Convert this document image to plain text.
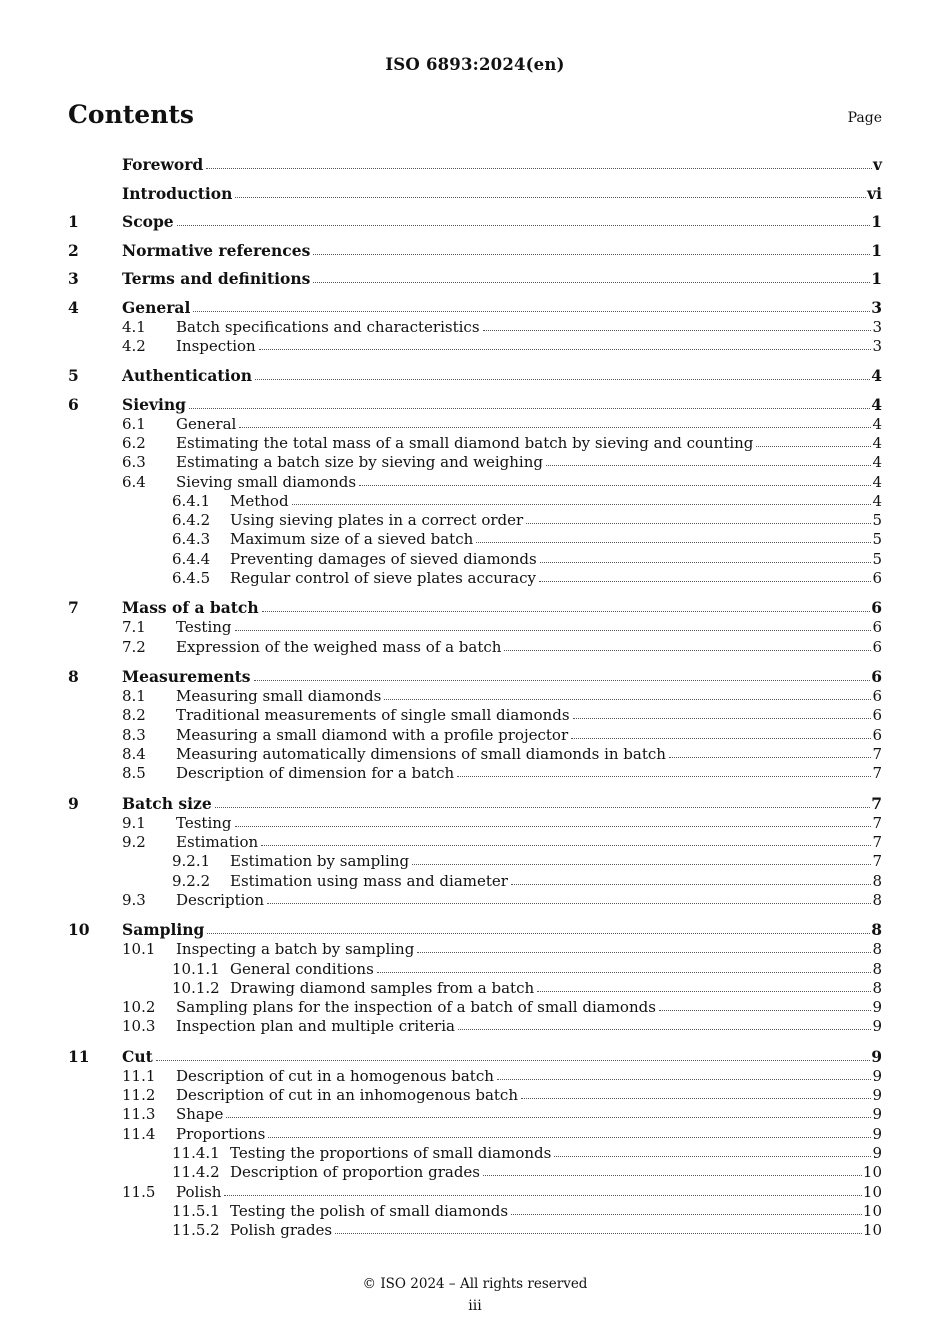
ISO 6893:2024(en)
Contents	Page
Foreword	v
Introduction	vi
1	Scope	1
2	Normative references	1
3	Terms and definitions	1
4	General	3
4.1	Batch specifications and characteristics	3
4.2	Inspection	3
5	Authentication	4
6	Sieving	4
6.1	General	4
6.2	Estimating the total mass of a small diamond batch by sieving and counting	4
6.3	Estimating a batch size by sieving and weighing	4
6.4	Sieving small diamonds	4
6.4.1	Method	4
6.4.2	Using sieving plates in a correct order	5
6.4.3	Maximum size of a sieved batch	5
6.4.4	Preventing damages of sieved diamonds	5
6.4.5	Regular control of sieve plates accuracy	6
7	Mass of a batch	6
7.1	Testing	6
7.2	Expression of the weighed mass of a batch	6
8	Measurements	6
8.1	Measuring small diamonds	6
8.2	Traditional measurements of single small diamonds	6
8.3	Measuring a small diamond with a profile projector	6
8.4	Measuring automatically dimensions of small diamonds in batch	7
8.5	Description of dimension for a batch	7
9	Batch size	7
9.1	Testing	7
9.2	Estimation	7
9.2.1	Estimation by sampling	7
9.2.2	Estimation using mass and diameter	8
9.3	Description	8
10	Sampling	8
10.1	Inspecting a batch by sampling	8
10.1.1 General conditions	8
10.1.2 Drawing diamond samples from a batch	8
10.2	Sampling plans for the inspection of a batch of small diamonds	9
10.3	Inspection plan and multiple criteria	9
11	Cut	9
11.1	Description of cut in a homogenous batch	9
11.2	Description of cut in an inhomogenous batch	9
11.3	Shape	9
11.4	Proportions	9
11.4.1 Testing the proportions of small diamonds	9
11.4.2 Description of proportion grades	10
11.5	Polish	10
11.5.1 Testing the polish of small diamonds	10
11.5.2 Polish grades	10
© ISO 2024 – All rights reserved
iii
